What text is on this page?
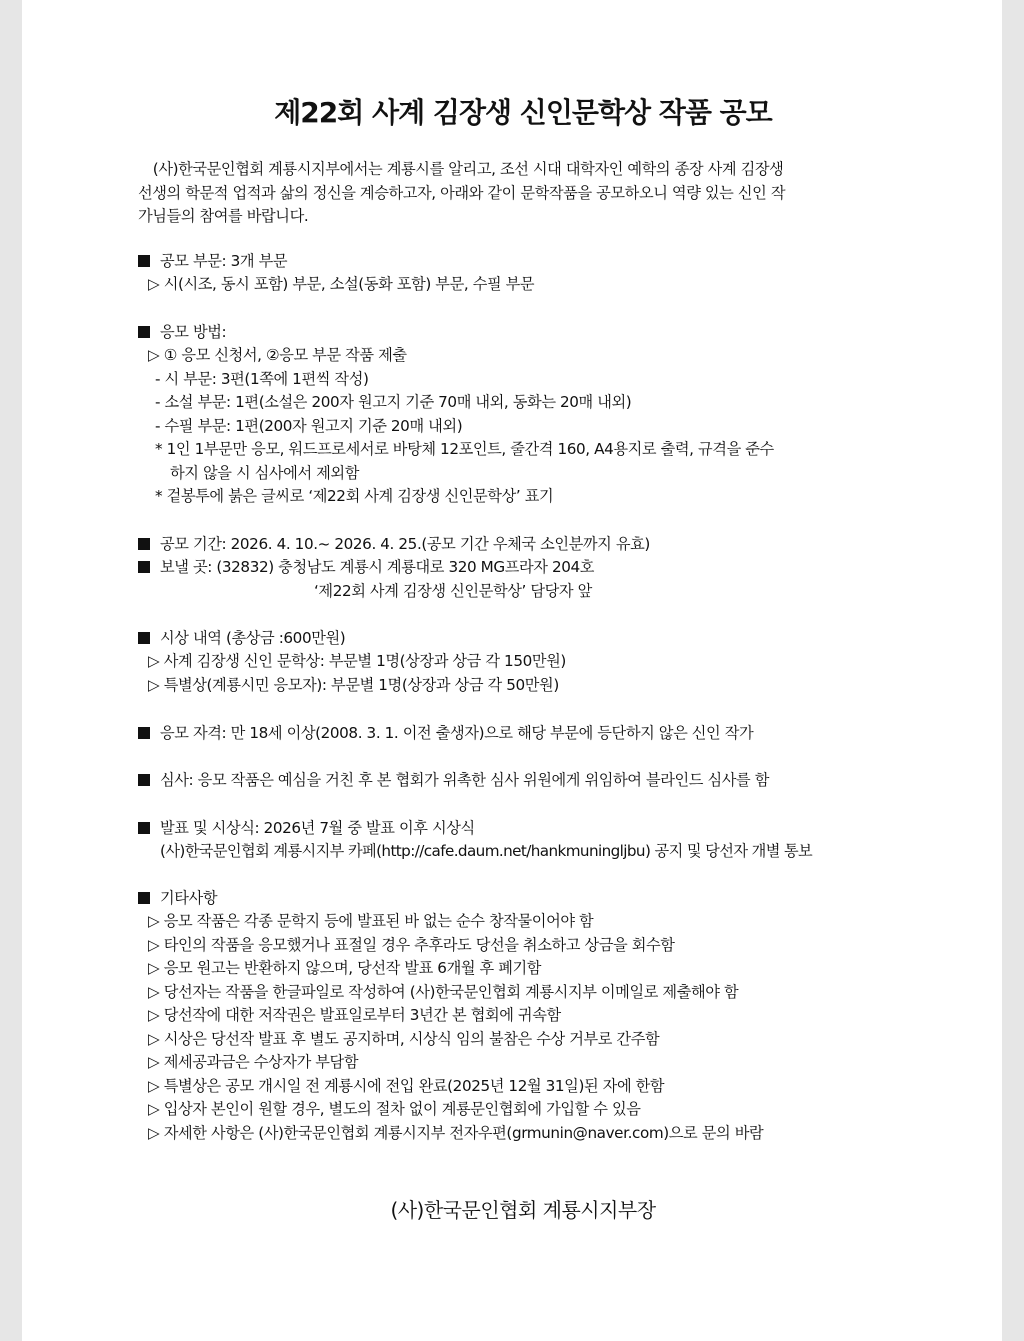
제22회 사계 김장생 신인문학상 작품 공모
　(사)한국문인협회 계룡시지부에서는 계룡시를 알리고, 조선 시대 대학자인 예학의 종장 사계 김장생
선생의 학문적 업적과 삶의 정신을 계승하고자, 아래와 같이 문학작품을 공모하오니 역량 있는 신인 작
가님들의 참여를 바랍니다.
공모 부문: 3개 부문
▷ 시(시조, 동시 포함) 부문, 소설(동화 포함) 부문, 수필 부문
응모 방법:
▷ ① 응모 신청서, ②응모 부문 작품 제출
- 시 부문: 3편(1쪽에 1편씩 작성)
- 소설 부문: 1편(소설은 200자 원고지 기준 70매 내외, 동화는 20매 내외)
- 수필 부문: 1편(200자 원고지 기준 20매 내외)
* 1인 1부문만 응모, 워드프로세서로 바탕체 12포인트, 줄간격 160, A4용지로 출력, 규격을 준수
하지 않을 시 심사에서 제외함
* 겉봉투에 붉은 글씨로 ‘제22회 사계 김장생 신인문학상’ 표기
공모 기간: 2026. 4. 10.~ 2026. 4. 25.(공모 기간 우체국 소인분까지 유효)
보낼 곳: (32832) 충청남도 계룡시 계룡대로 320 MG프라자 204호
‘제22회 사계 김장생 신인문학상’ 담당자 앞
시상 내역 (총상금 :600만원)
▷ 사계 김장생 신인 문학상: 부문별 1명(상장과 상금 각 150만원)
▷ 특별상(계룡시민 응모자): 부문별 1명(상장과 상금 각 50만원)
응모 자격: 만 18세 이상(2008. 3. 1. 이전 출생자)으로 해당 부문에 등단하지 않은 신인 작가
심사: 응모 작품은 예심을 거친 후 본 협회가 위촉한 심사 위원에게 위임하여 블라인드 심사를 함
발표 및 시상식: 2026년 7월 중 발표 이후 시상식
(사)한국문인협회 계룡시지부 카페(http://cafe.daum.net/hankmuningljbu) 공지 및 당선자 개별 통보
기타사항
▷ 응모 작품은 각종 문학지 등에 발표된 바 없는 순수 창작물이어야 함
▷ 타인의 작품을 응모했거나 표절일 경우 추후라도 당선을 취소하고 상금을 회수함
▷ 응모 원고는 반환하지 않으며, 당선작 발표 6개월 후 폐기함
▷ 당선자는 작품을 한글파일로 작성하여 (사)한국문인협회 계룡시지부 이메일로 제출해야 함
▷ 당선작에 대한 저작권은 발표일로부터 3년간 본 협회에 귀속함
▷ 시상은 당선작 발표 후 별도 공지하며, 시상식 임의 불참은 수상 거부로 간주함
▷ 제세공과금은 수상자가 부담함
▷ 특별상은 공모 개시일 전 계룡시에 전입 완료(2025년 12월 31일)된 자에 한함
▷ 입상자 본인이 원할 경우, 별도의 절차 없이 계룡문인협회에 가입할 수 있음
▷ 자세한 사항은 (사)한국문인협회 계룡시지부 전자우편(grmunin@naver.com)으로 문의 바람
(사)한국문인협회 계룡시지부장
